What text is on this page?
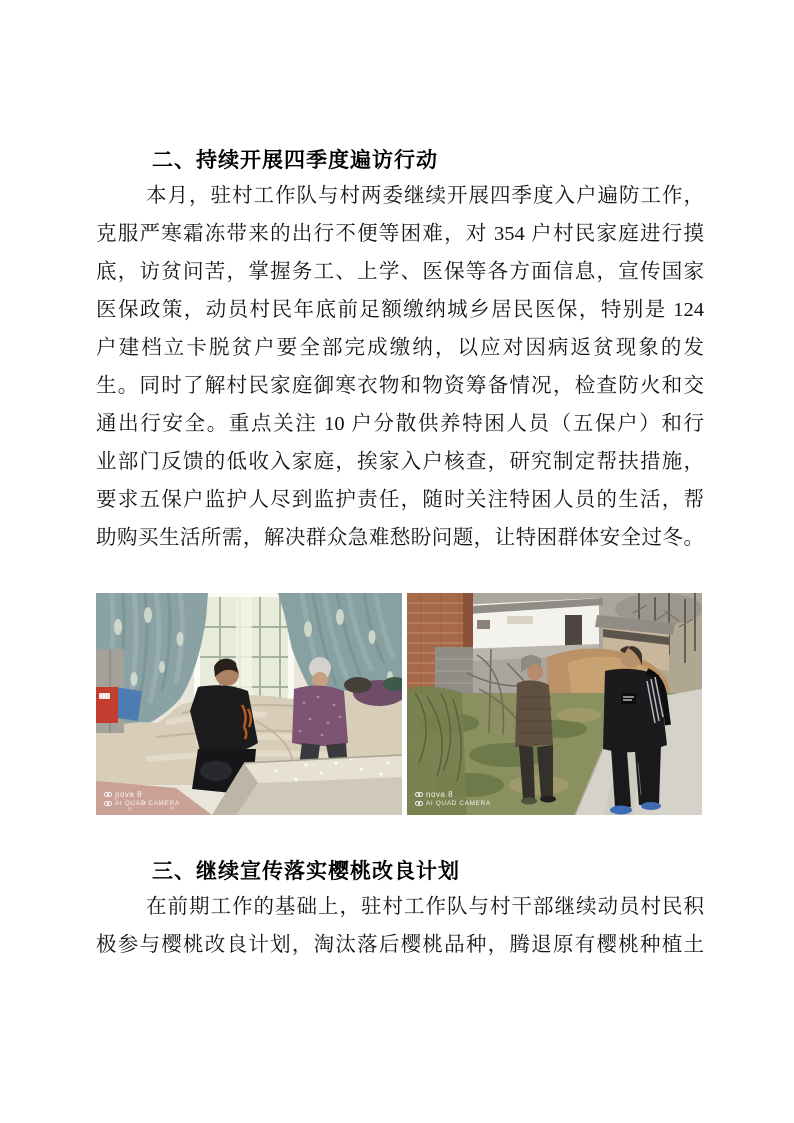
二、持续开展四季度遍访行动
本月，驻村工作队与村两委继续开展四季度入户遍防工作，
克服严寒霜冻带来的出行不便等困难，对 354 户村民家庭进行摸
底，访贫问苦，掌握务工、上学、医保等各方面信息，宣传国家
医保政策，动员村民年底前足额缴纳城乡居民医保，特别是 124
户建档立卡脱贫户要全部完成缴纳，以应对因病返贫现象的发
生。同时了解村民家庭御寒衣物和物资筹备情况，检查防火和交
通出行安全。重点关注 10 户分散供养特困人员（五保户）和行
业部门反馈的低收入家庭，挨家入户核查，研究制定帮扶措施，
要求五保户监护人尽到监护责任，随时关注特困人员的生活，帮
助购买生活所需，解决群众急难愁盼问题，让特困群体安全过冬。
nova 8
AI QUAD CAMERA
nova 8
AI QUAD CAMERA
三、继续宣传落实樱桃改良计划
在前期工作的基础上，驻村工作队与村干部继续动员村民积
极参与樱桃改良计划，淘汰落后樱桃品种，腾退原有樱桃种植土
